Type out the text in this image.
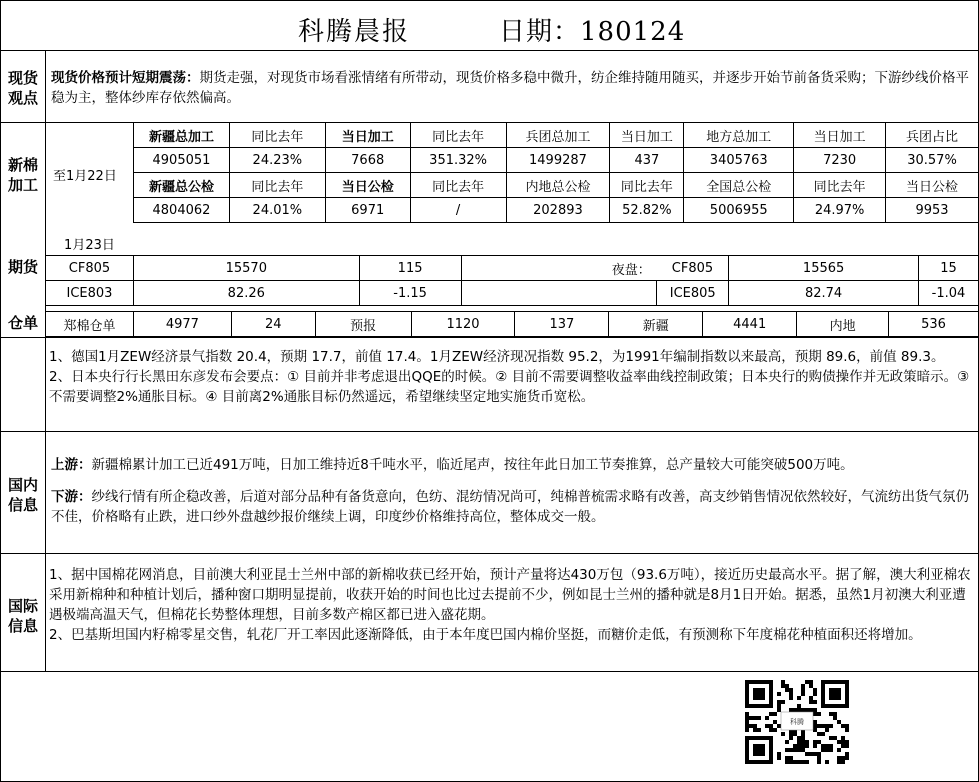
科腾晨报	日期：180124
现货
观点
现货价格预计短期震荡：期货走强，对现货市场看涨情绪有所带动，现货价格多稳中微升，纺企维持随用随买，并逐步开始节前备货采购；下游纱线价格平稳为主，整体纱库存依然偏高。
新棉
加工	至1月22日
新疆总加工	同比去年	当日加工	同比去年	兵团总加工	当日加工	地方总加工	当日加工	兵团占比
4905051	24.23%	7668	351.32%	1499287	437	3405763	7230	30.57%
新疆总公检	同比去年	当日公检	同比去年	内地总公检	同比去年	全国总公检	同比去年	当日公检
4804062	24.01%	6971	/	202893	52.82%	5006955	24.97%	9953
期货
仓单
1月23日						
CF805	15570	115	夜盘：	CF805	15565	15
ICE803	82.26	-1.15		ICE805	82.74	-1.04
郑棉仓单	4977	24	预报	1120	137	新疆	4441	内地	536
1、德国1月ZEW经济景气指数 20.4，预期 17.7，前值 17.4。1月ZEW经济现况指数 95.2，为1991年编制指数以来最高，预期 89.6，前值 89.3。
2、日本央行行长黑田东彦发布会要点：① 目前并非考虑退出QQE的时候。② 目前不需要调整收益率曲线控制政策；日本央行的购债操作并无政策暗示。③ 不需要调整2%通胀目标。④ 目前离2%通胀目标仍然遥远，希望继续坚定地实施货币宽松。
国内
信息
上游：新疆棉累计加工已近491万吨，日加工维持近8千吨水平，临近尾声，按往年此日加工节奏推算，总产量较大可能突破500万吨。
下游：纱线行情有所企稳改善，后道对部分品种有备货意向，色纺、混纺情况尚可，纯棉普梳需求略有改善，高支纱销售情况依然较好，气流纺出货气氛仍不佳，价格略有止跌，进口纱外盘越纱报价继续上调，印度纱价格维持高位，整体成交一般。
国际
信息
1、据中国棉花网消息，目前澳大利亚昆士兰州中部的新棉收获已经开始，预计产量将达430万包（93.6万吨），接近历史最高水平。据了解，澳大利亚棉农采用新棉种和种植计划后，播种窗口期明显提前，收获开始的时间也比过去提前不少，例如昆士兰州的播种就是8月1日开始。据悉，虽然1月初澳大利亚遭遇极端高温天气，但棉花长势整体理想，目前多数产棉区都已进入盛花期。
2、巴基斯坦国内籽棉零星交售，轧花厂开工率因此逐渐降低，由于本年度巴国内棉价坚挺，而糖价走低，有预测称下年度棉花种植面积还将增加。
科腾
